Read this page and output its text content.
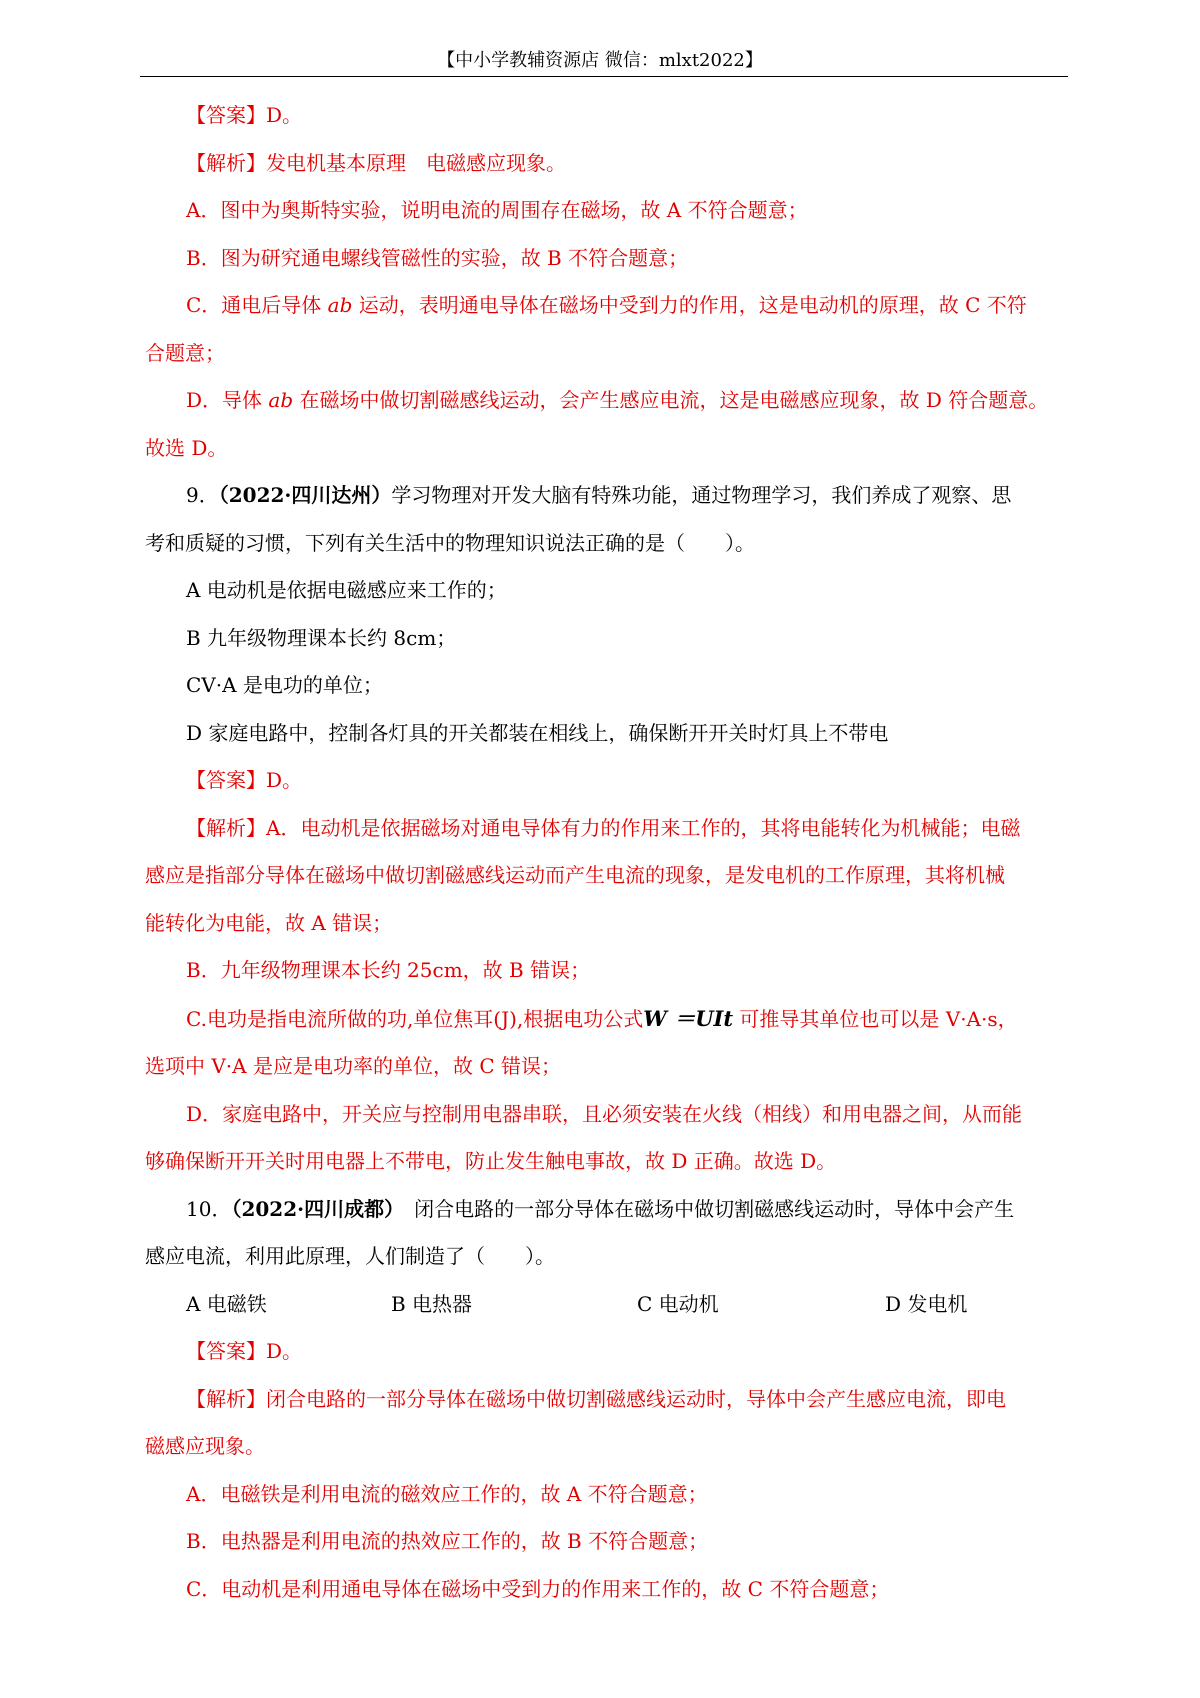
【中小学教辅资源店 微信：mlxt2022】

【答案】D。

【解析】发电机基本原理　电磁感应现象。

A．图中为奥斯特实验，说明电流的周围存在磁场，故 A 不符合题意；

B．图为研究通电螺线管磁性的实验，故 B 不符合题意；

C．通电后导体 ab 运动，表明通电导体在磁场中受到力的作用，这是电动机的原理，故 C 不符

合题意；

D．导体 ab 在磁场中做切割磁感线运动，会产生感应电流，这是电磁感应现象，故 D 符合题意。

故选 D。

9．（2022·四川达州）学习物理对开发大脑有特殊功能，通过物理学习，我们养成了观察、思

考和质疑的习惯，下列有关生活中的物理知识说法正确的是（　　）。

A 电动机是依据电磁感应来工作的；

B 九年级物理课本长约 8cm；

CV·A 是电功的单位；

D 家庭电路中，控制各灯具的开关都装在相线上，确保断开开关时灯具上不带电

【答案】D。

【解析】A．电动机是依据磁场对通电导体有力的作用来工作的，其将电能转化为机械能；电磁

感应是指部分导体在磁场中做切割磁感线运动而产生电流的现象，是发电机的工作原理，其将机械

能转化为电能，故 A 错误；

B．九年级物理课本长约 25cm，故 B 错误；

C.电功是指电流所做的功,单位焦耳(J),根据电功公式W ＝UIt 可推导其单位也可以是 V·A·s，

选项中 V·A 是应是电功率的单位，故 C 错误；

D．家庭电路中，开关应与控制用电器串联，且必须安装在火线（相线）和用电器之间，从而能

够确保断开开关时用电器上不带电，防止发生触电事故，故 D 正确。故选 D。

10．（2022·四川成都）　闭合电路的一部分导体在磁场中做切割磁感线运动时，导体中会产生

感应电流，利用此原理，人们制造了（　　）。

A 电磁铁	B 电热器	C 电动机	D 发电机

【答案】D。

【解析】闭合电路的一部分导体在磁场中做切割磁感线运动时，导体中会产生感应电流，即电

磁感应现象。

A．电磁铁是利用电流的磁效应工作的，故 A 不符合题意；

B．电热器是利用电流的热效应工作的，故 B 不符合题意；

C．电动机是利用通电导体在磁场中受到力的作用来工作的，故 C 不符合题意；
